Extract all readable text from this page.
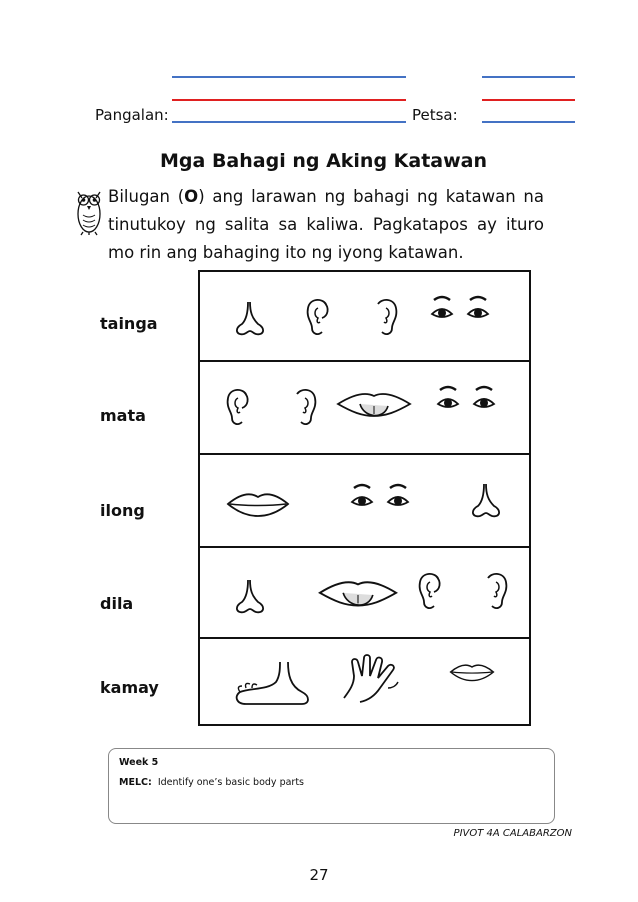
Pangalan:	Petsa:
Mga Bahagi ng Aking Katawan
Bilugan (O) ang larawan ng bahagi ng katawan na tinutukoy ng salita sa kaliwa. Pagkatapos ay ituro mo rin ang bahaging ito ng iyong katawan.
tainga
mata
ilong
dila
kamay
Week 5
MELC: Identify one’s basic body parts
PIVOT 4A CALABARZON
27
